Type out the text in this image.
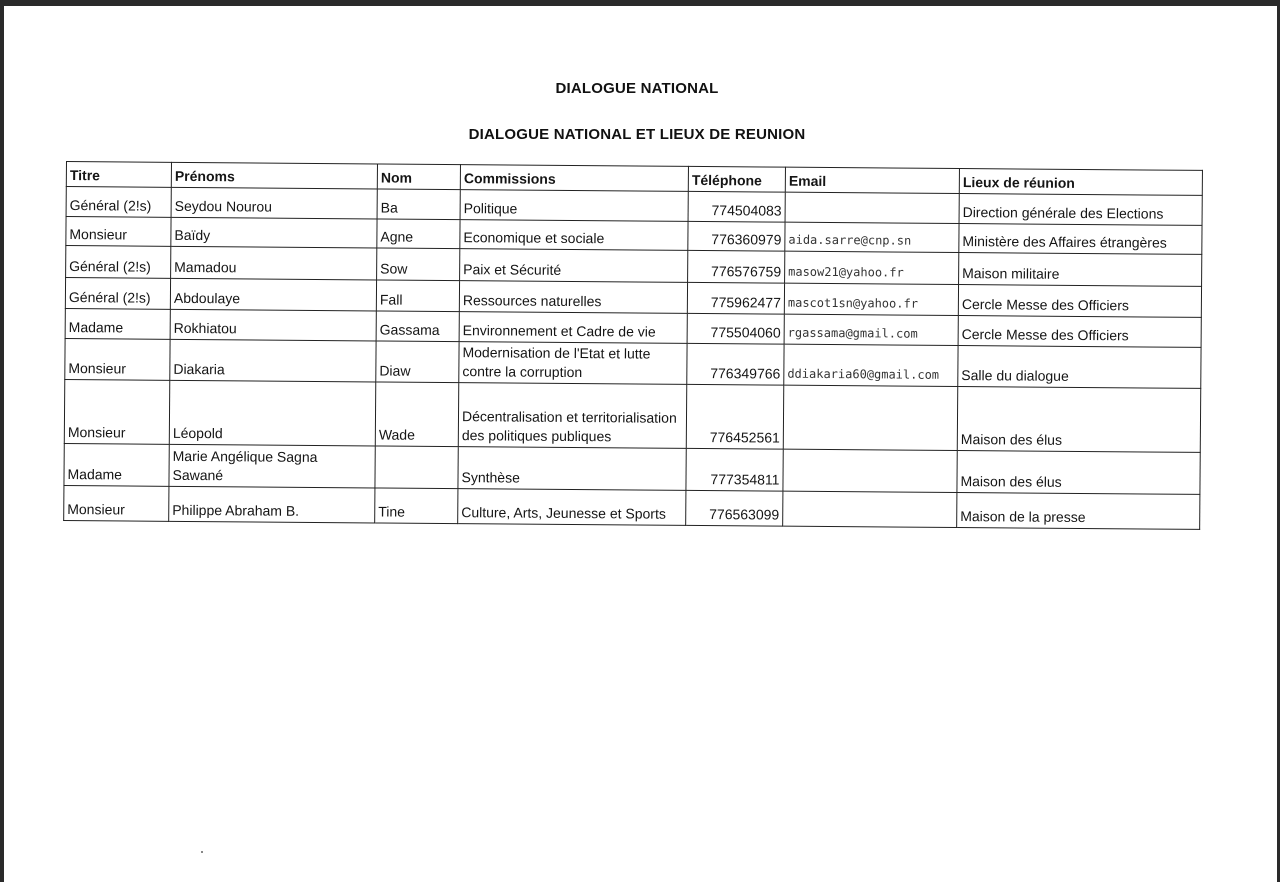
DIALOGUE NATIONAL
DIALOGUE NATIONAL ET LIEUX DE REUNION
Titre	Prénoms	Nom	Commissions	Téléphone	Email	Lieux de réunion
Général (2!s)	Seydou Nourou	Ba	Politique	774504083		Direction générale des Elections
Monsieur	Baïdy	Agne	Economique et sociale	776360979	aida.sarre@cnp.sn	Ministère des Affaires étrangères
Général (2!s)	Mamadou	Sow	Paix et Sécurité	776576759	masow21@yahoo.fr	Maison militaire
Général (2!s)	Abdoulaye	Fall	Ressources naturelles	775962477	mascot1sn@yahoo.fr	Cercle Messe des Officiers
Madame	Rokhiatou	Gassama	Environnement et Cadre de vie	775504060	rgassama@gmail.com	Cercle Messe des Officiers
Monsieur	Diakaria	Diaw	Modernisation de l'Etat et lutte contre la corruption	776349766	ddiakaria60@gmail.com	Salle du dialogue
Monsieur	Léopold	Wade	Décentralisation et territorialisation des politiques publiques	776452561		Maison des élus
Madame	Marie Angélique Sagna Sawané		Synthèse	777354811		Maison des élus
Monsieur	Philippe Abraham B.	Tine	Culture, Arts, Jeunesse et Sports	776563099		Maison de la presse
